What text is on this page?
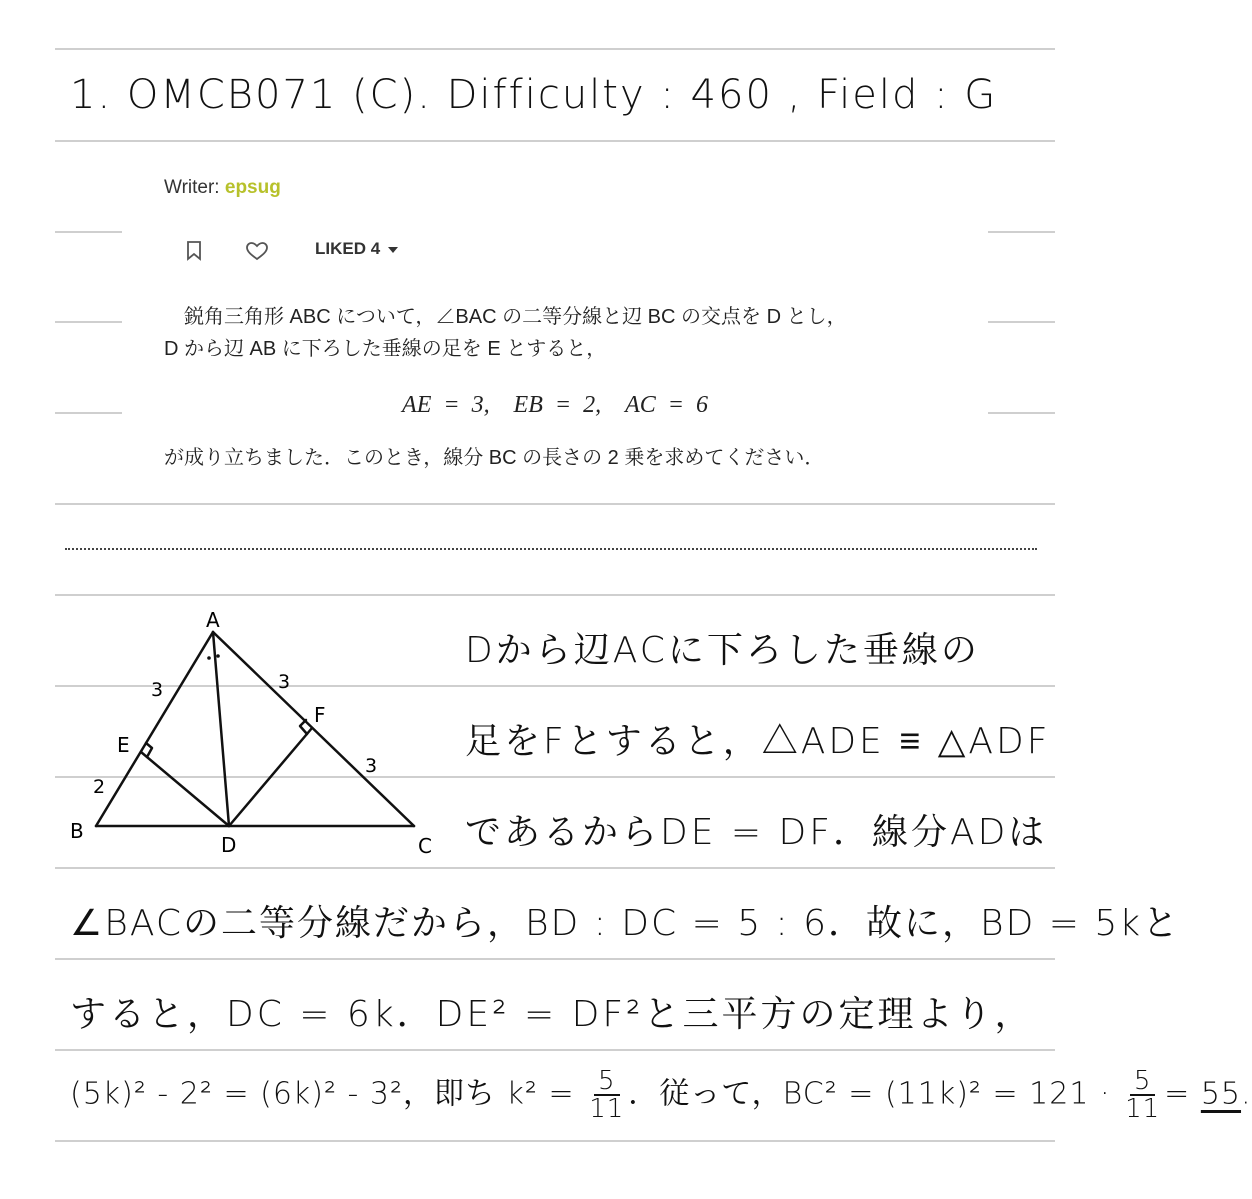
1. OMCB071 (C). Difficulty : 460 , Field : G
Writer: epsug
LIKED 4
　鋭角三角形 ABC について，∠BAC の二等分線と辺 BC の交点を D とし，
D から辺 AB に下ろした垂線の足を E とすると，
AE = 3,　EB = 2,　AC = 6
が成り立ちました．このとき，線分 BC の長さの 2 乗を求めてください．
A
B
C
D
E
F
3	3
3
2
Dから辺ACに下ろした垂線の
足をFとすると，△ADE ≡ △ADF
であるからDE = DF．線分ADは
∠BACの二等分線だから，BD : DC = 5 : 6．故に，BD = 5kと
すると，DC = 6k．DE² = DF²と三平方の定理より，
(5k)² - 2² = (6k)² - 3²，即ち $k^2 = \frac{5}{11}$ ．従って，$BC^2 = (11k)^2 = 121 \cdot \frac{5}{11} = 55$.
